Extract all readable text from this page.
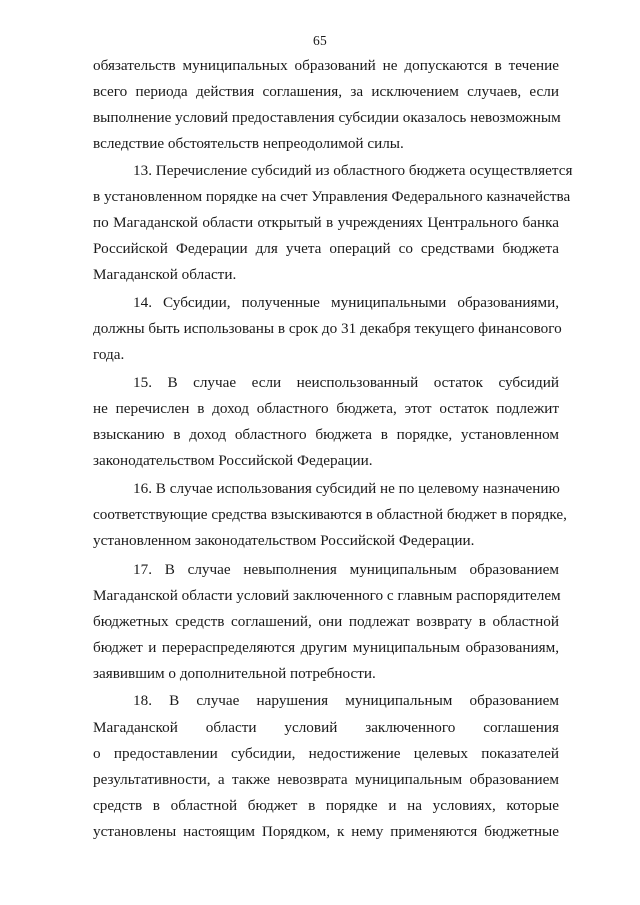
65
обязательств муниципальных образований не допускаются в течение
всего периода действия соглашения, за исключением случаев, если
выполнение условий предоставления субсидии оказалось невозможным
вследствие обстоятельств непреодолимой силы.
13. Перечисление субсидий из областного бюджета осуществляется
в установленном порядке на счет Управления Федерального казначейства
по Магаданской области открытый в учреждениях Центрального банка
Российской Федерации для учета операций со средствами бюджета
Магаданской области.
14. Субсидии, полученные муниципальными образованиями,
должны быть использованы в срок до 31 декабря текущего финансового
года.
15. В случае если неиспользованный остаток субсидий
не перечислен в доход областного бюджета, этот остаток подлежит
взысканию в доход областного бюджета в порядке, установленном
законодательством Российской Федерации.
16. В случае использования субсидий не по целевому назначению
соответствующие средства взыскиваются в областной бюджет в порядке,
установленном законодательством Российской Федерации.
17. В случае невыполнения муниципальным образованием
Магаданской области условий заключенного с главным распорядителем
бюджетных средств соглашений, они подлежат возврату в областной
бюджет и перераспределяются другим муниципальным образованиям,
заявившим о дополнительной потребности.
18. В случае нарушения муниципальным образованием
Магаданской области условий заключенного соглашения
о предоставлении субсидии, недостижение целевых показателей
результативности, а также невозврата муниципальным образованием
средств в областной бюджет в порядке и на условиях, которые
установлены настоящим Порядком, к нему применяются бюджетные
